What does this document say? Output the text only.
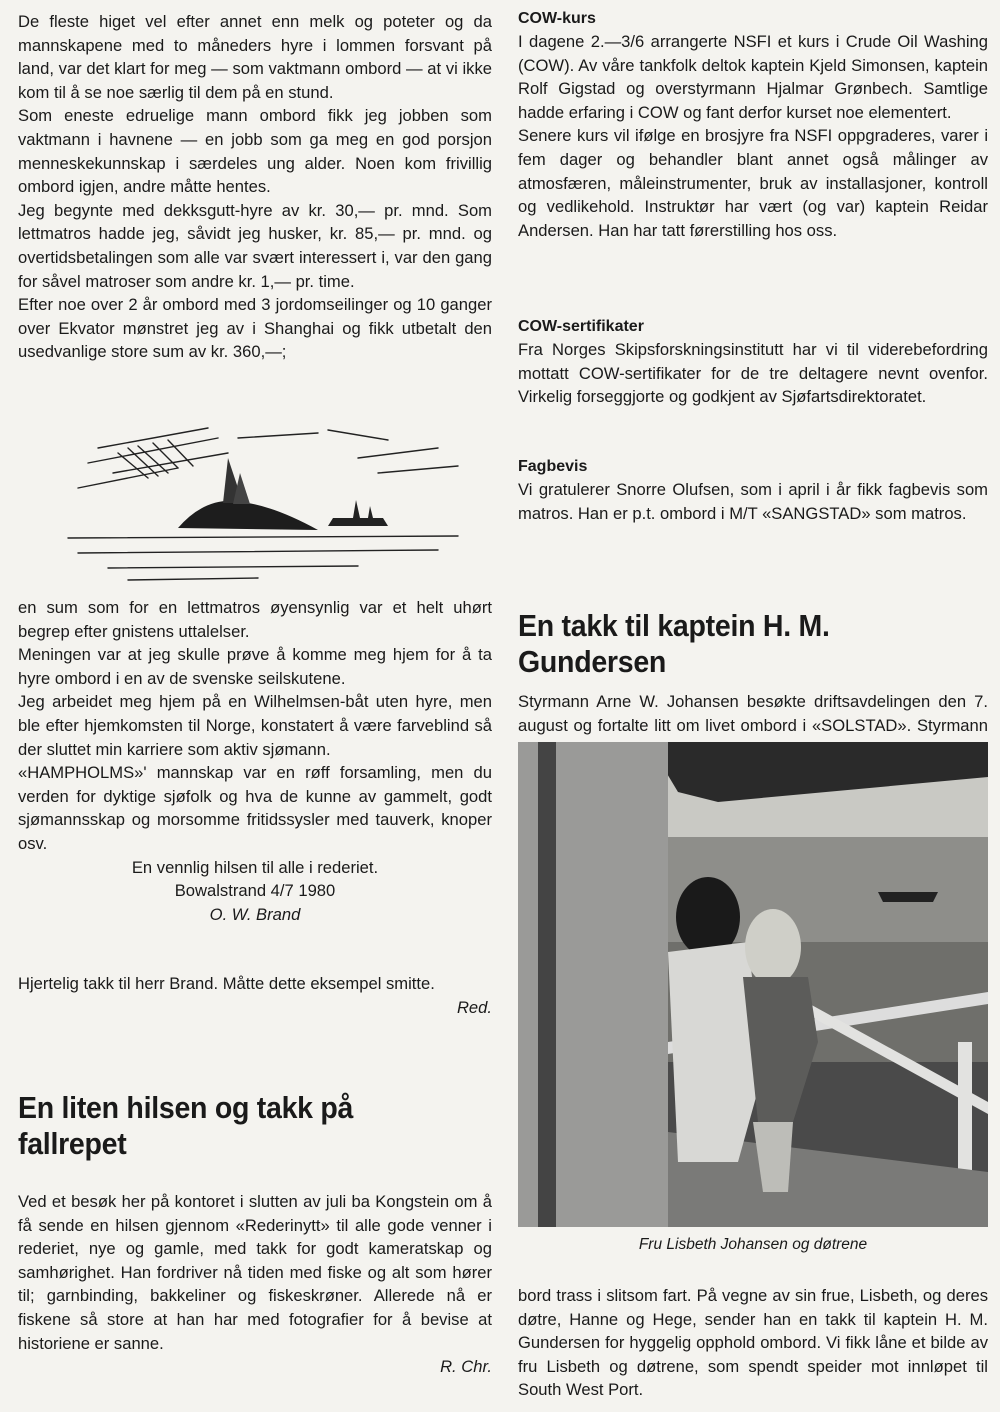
De fleste higet vel efter annet enn melk og poteter og da mannskapene med to måneders hyre i lommen forsvant på land, var det klart for meg — som vaktmann ombord — at vi ikke kom til å se noe særlig til dem på en stund.

Som eneste edruelige mann ombord fikk jeg jobben som vaktmann i havnene — en jobb som ga meg en god porsjon menneskekunnskap i særdeles ung alder. Noen kom frivillig ombord igjen, andre måtte hentes.

Jeg begynte med dekksgutt-hyre av kr. 30,— pr. mnd. Som lettmatros hadde jeg, såvidt jeg husker, kr. 85,— pr. mnd. og overtidsbetalingen som alle var svært interessert i, var den gang for såvel matroser som andre kr. 1,— pr. time.

Efter noe over 2 år ombord med 3 jordomseilinger og 10 ganger over Ekvator mønstret jeg av i Shanghai og fikk utbetalt den usedvanlige store sum av kr. 360,—;

en sum som for en lettmatros øyensynlig var et helt uhørt begrep efter gnistens uttalelser.

Meningen var at jeg skulle prøve å komme meg hjem for å ta hyre ombord i en av de svenske seilskutene.

Jeg arbeidet meg hjem på en Wilhelmsen-båt uten hyre, men ble efter hjemkomsten til Norge, konstatert å være farveblind så der sluttet min karriere som aktiv sjømann.

«HAMPHOLMS»' mannskap var en røff forsamling, men du verden for dyktige sjøfolk og hva de kunne av gammelt, godt sjømannsskap og morsomme fritidssysler med tauverk, knoper osv.

En vennlig hilsen til alle i rederiet.

Bowalstrand 4/7 1980

O. W. Brand

Hjertelig takk til herr Brand. Måtte dette eksempel smitte.

Red.

En liten hilsen og takk på fallrepet

Ved et besøk her på kontoret i slutten av juli ba Kongstein om å få sende en hilsen gjennom «Rederinytt» til alle gode venner i rederiet, nye og gamle, med takk for godt kameratskap og samhørighet. Han fordriver nå tiden med fiske og alt som hører til; garnbinding, bakkeliner og fiskeskrøner. Allerede nå er fiskene så store at han har med fotografier for å bevise at historiene er sanne.

R. Chr.

COW-kurs

I dagene 2.—3/6 arrangerte NSFI et kurs i Crude Oil Washing (COW). Av våre tankfolk deltok kaptein Kjeld Simonsen, kaptein Rolf Gigstad og overstyrmann Hjalmar Grønbech. Samtlige hadde erfaring i COW og fant derfor kurset noe elementert.

Senere kurs vil ifølge en brosjyre fra NSFI oppgraderes, varer i fem dager og behandler blant annet også målinger av atmosfæren, måleinstrumenter, bruk av installasjoner, kontroll og vedlikehold. Instruktør har vært (og var) kaptein Reidar Andersen. Han har tatt førerstilling hos oss.

COW-sertifikater

Fra Norges Skipsforskningsinstitutt har vi til viderebefordring mottatt COW-sertifikater for de tre deltagere nevnt ovenfor. Virkelig forseggjorte og godkjent av Sjøfartsdirektoratet.

Fagbevis

Vi gratulerer Snorre Olufsen, som i april i år fikk fagbevis som matros. Han er p.t. ombord i M/T «SANGSTAD» som matros.

En takk til kaptein H. M. Gundersen

Styrmann Arne W. Johansen besøkte driftsavdelingen den 7. august og fortalte litt om livet ombord i «SOLSTAD». Styrmann

Fru Lisbeth Johansen og døtrene

bord trass i slitsom fart. På vegne av sin frue, Lisbeth, og deres døtre, Hanne og Hege, sender han en takk til kaptein H. M. Gundersen for hyggelig opphold ombord. Vi fikk låne et bilde av fru Lisbeth og døtrene, som spendt speider mot innløpet til South West Port.
